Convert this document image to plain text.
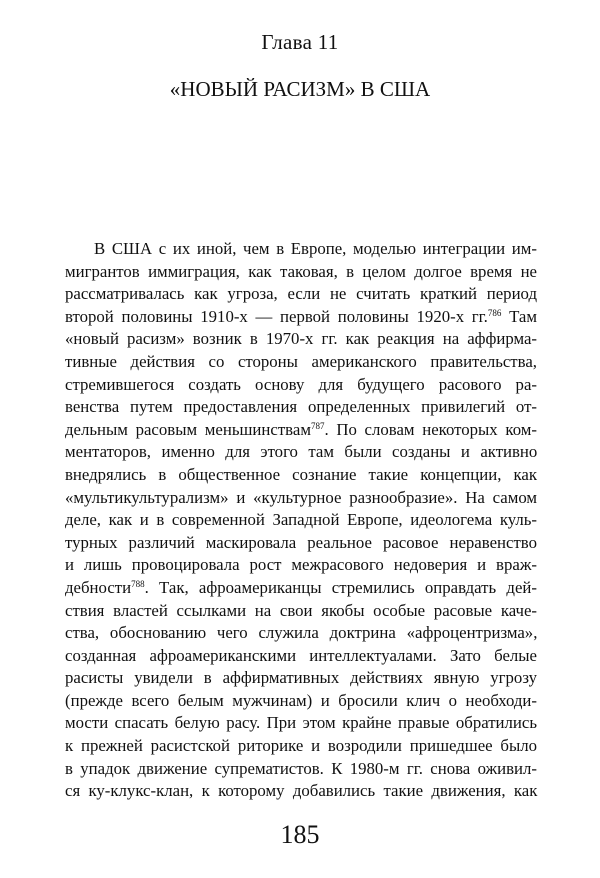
Глава 11
«НОВЫЙ РАСИЗМ» В США
В США с их иной, чем в Европе, моделью интеграции им-
мигрантов иммиграция, как таковая, в целом долгое время не
рассматривалась как угроза, если не считать краткий период
второй половины 1910-х — первой половины 1920-х гг.$^{786}$ Там
«новый расизм» возник в 1970-х гг. как реакция на аффирма-
тивные действия со стороны американского правительства,
стремившегося создать основу для будущего расового ра-
венства путем предоставления определенных привилегий от-
дельным расовым меньшинствам$^{787}$. По словам некоторых ком-
ментаторов, именно для этого там были созданы и активно
внедрялись в общественное сознание такие концепции, как
«мультикультурализм» и «культурное разнообразие». На самом
деле, как и в современной Западной Европе, идеологема куль-
турных различий маскировала реальное расовое неравенство
и лишь провоцировала рост межрасового недоверия и враж-
дебности$^{788}$. Так, афроамериканцы стремились оправдать дей-
ствия властей ссылками на свои якобы особые расовые каче-
ства, обоснованию чего служила доктрина «афроцентризма»,
созданная афроамериканскими интеллектуалами. Зато белые
расисты увидели в аффирмативных действиях явную угрозу
(прежде всего белым мужчинам) и бросили клич о необходи-
мости спасать белую расу. При этом крайне правые обратились
к прежней расистской риторике и возродили пришедшее было
в упадок движение супрематистов. К 1980-м гг. снова оживил-
ся ку-клукс-клан, к которому добавились такие движения, как
185
